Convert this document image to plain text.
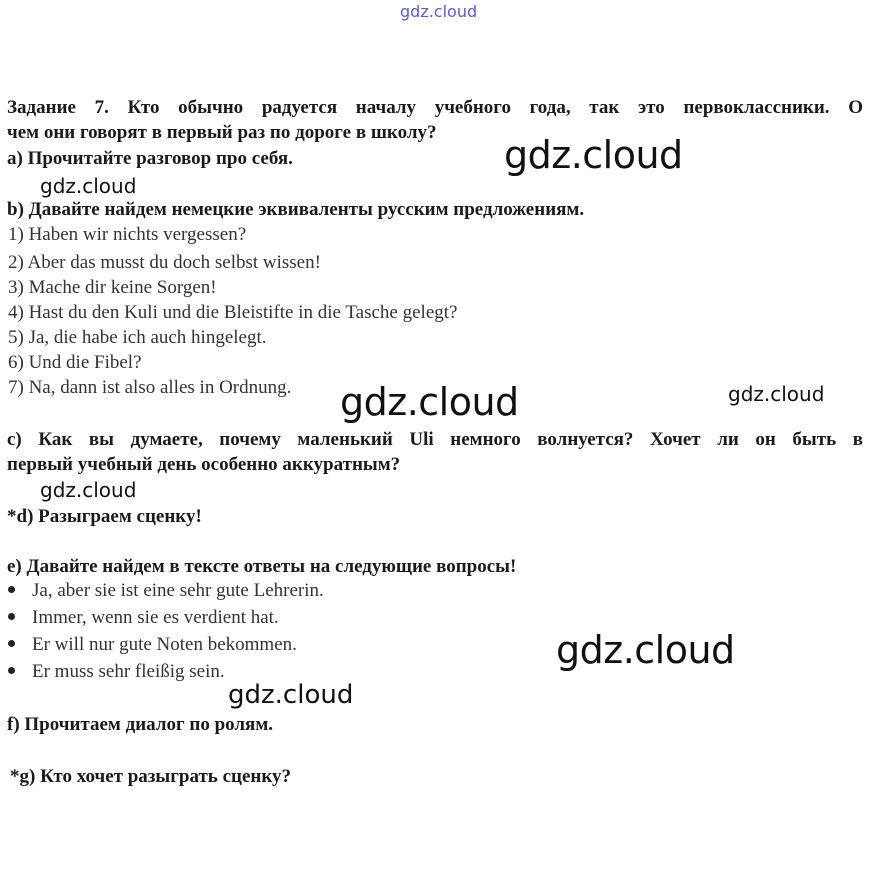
gdz.cloud
Задание 7. Кто обычно радуется началу учебного года, так это первоклассники. О
чем они говорят в первый раз по дороге в школу?
a) Прочитайте разговор про себя.
b) Давайте найдем немецкие эквиваленты русским предложениям.
1) Haben wir nichts vergessen?
2) Aber das musst du doch selbst wissen!
3) Mache dir keine Sorgen!
4) Hast du den Kuli und die Bleistifte in die Tasche gelegt?
5) Ja, die habe ich auch hingelegt.
6) Und die Fibel?
7) Na, dann ist also alles in Ordnung.
c) Как вы думаете, почему маленький Uli немного волнуется? Хочет ли он быть в
первый учебный день особенно аккуратным?
*d) Разыграем сценку!
e) Давайте найдем в тексте ответы на следующие вопросы!
Ja, aber sie ist eine sehr gute Lehrerin.
Immer, wenn sie es verdient hat.
Er will nur gute Noten bekommen.
Er muss sehr fleißig sein.
f) Прочитаем диалог по ролям.
*g) Кто хочет разыграть сценку?
gdz.cloud
gdz.cloud
gdz.cloud	gdz.cloud
gdz.cloud
gdz.cloud
gdz.cloud
